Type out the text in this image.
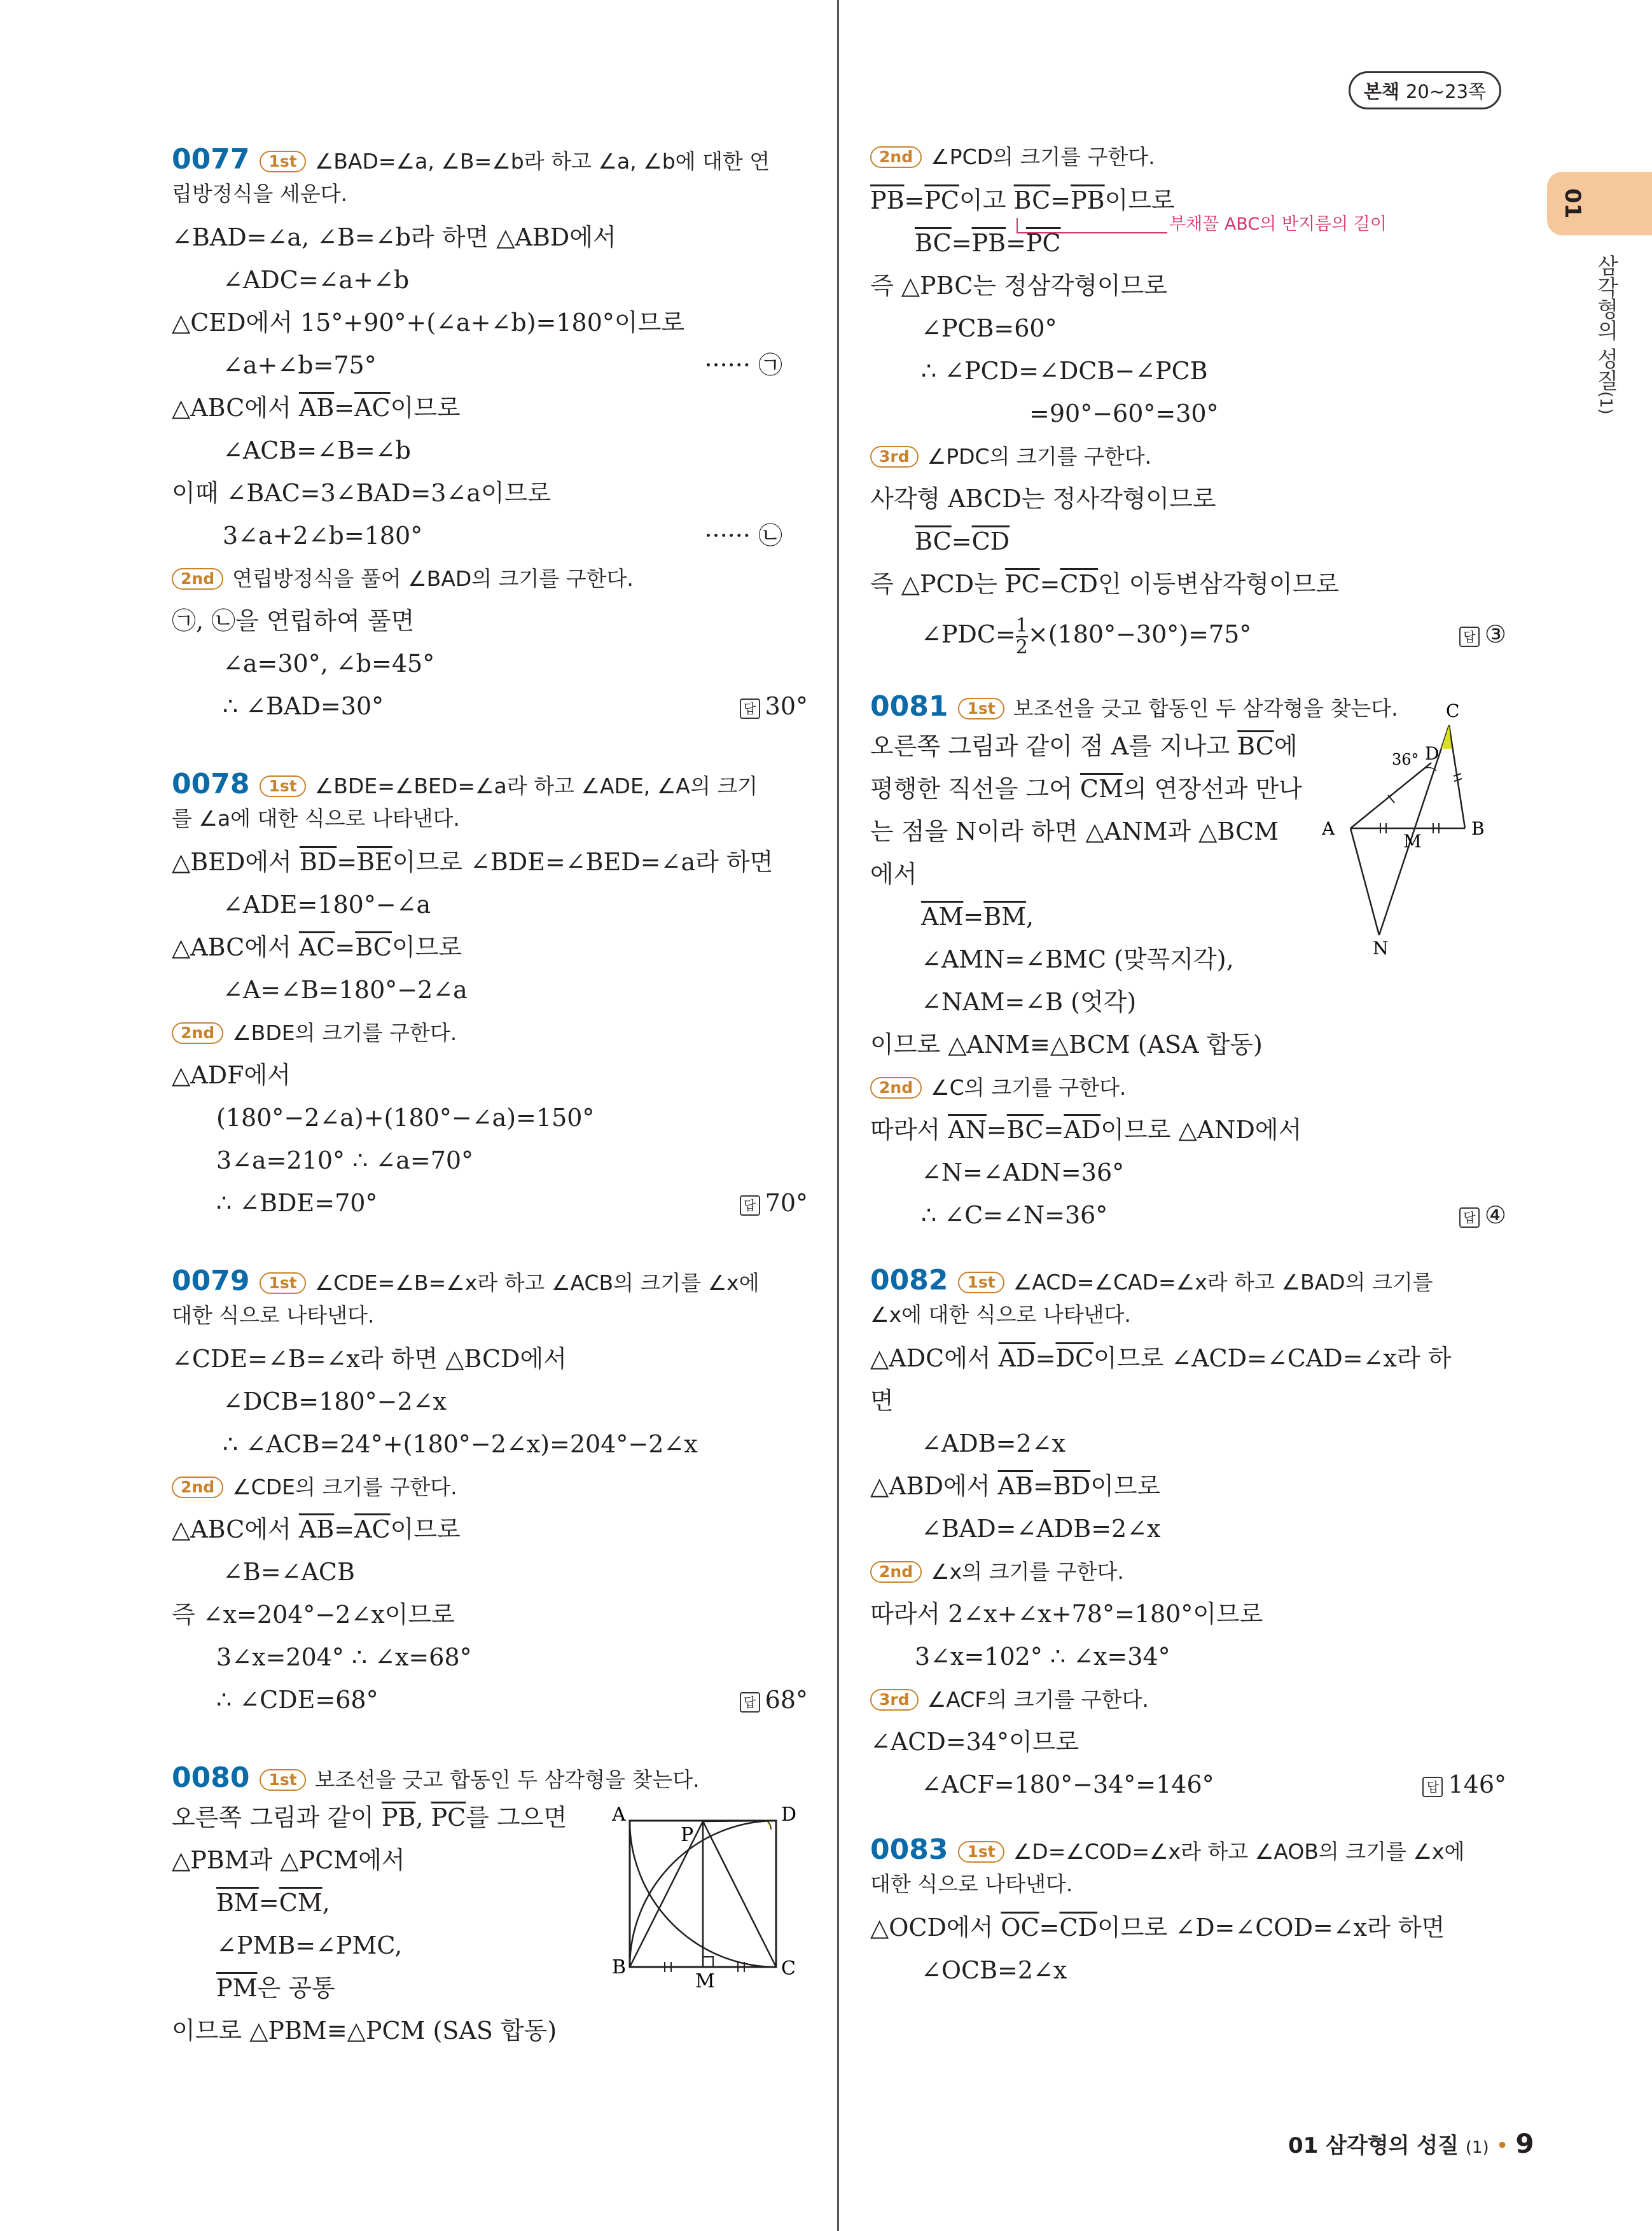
본책 20~23쪽
01
삼각형의 성질(1)
0077 1st ∠BAD=∠a, ∠B=∠b라 하고 ∠a, ∠b에 대한 연
립방정식을 세운다.
∠BAD=∠a, ∠B=∠b라 하면 △ABD에서
∠ADC=∠a+∠b
△CED에서 15°+90°+(∠a+∠b)=180°이므로
∠a+∠b=75°	······ ㉠
△ABC에서 $\overline{AB}=\overline{AC}$이므로
∠ACB=∠B=∠b
이때 ∠BAC=3∠BAD=3∠a이므로
3∠a+2∠b=180°	······ ㉡
2nd 연립방정식을 풀어 ∠BAD의 크기를 구한다.
㉠, ㉡을 연립하여 풀면
∠a=30°, ∠b=45°
∴ ∠BAD=30°	답 30°
0078 1st ∠BDE=∠BED=∠a라 하고 ∠ADE, ∠A의 크기
를 ∠a에 대한 식으로 나타낸다.
△BED에서 $\overline{BD}=\overline{BE}$이므로 ∠BDE=∠BED=∠a라 하면
∠ADE=180°−∠a
△ABC에서 $\overline{AC}=\overline{BC}$이므로
∠A=∠B=180°−2∠a
2nd ∠BDE의 크기를 구한다.
△ADF에서
(180°−2∠a)+(180°−∠a)=150°
3∠a=210° ∴ ∠a=70°
∴ ∠BDE=70°	답 70°
0079 1st ∠CDE=∠B=∠x라 하고 ∠ACB의 크기를 ∠x에
대한 식으로 나타낸다.
∠CDE=∠B=∠x라 하면 △BCD에서
∠DCB=180°−2∠x
∴ ∠ACB=24°+(180°−2∠x)=204°−2∠x
2nd ∠CDE의 크기를 구한다.
△ABC에서 $\overline{AB}=\overline{AC}$이므로
∠B=∠ACB
즉 ∠x=204°−2∠x이므로
3∠x=204° ∴ ∠x=68°
∴ ∠CDE=68°	답 68°
0080 1st 보조선을 긋고 합동인 두 삼각형을 찾는다.
오른쪽 그림과 같이 $\overline{PB}$, $\overline{PC}$를 그으면
△PBM과 △PCM에서
$\overline{BM}=\overline{CM}$,
∠PMB=∠PMC,
$\overline{PM}$은 공통
이므로 △PBM≡△PCM (SAS 합동)
A	D
B	C
P
M
2nd ∠PCD의 크기를 구한다.
$\overline{PB}=\overline{PC}$이고 $\overline{BC}=\overline{PB}$이므로
부채꼴 ABC의 반지름의 길이
$\overline{BC}=\overline{PB}=\overline{PC}$
즉 △PBC는 정삼각형이므로
∠PCB=60°
∴ ∠PCD=∠DCB−∠PCB
=90°−60°=30°
3rd ∠PDC의 크기를 구한다.
사각형 ABCD는 정사각형이므로
$\overline{BC}=\overline{CD}$
즉 △PCD는 $\overline{PC}=\overline{CD}$인 이등변삼각형이므로
∠PDC= $\frac{1}{2} \times(180^\circ-30^\circ)=75^\circ$	답 ③
0081 1st 보조선을 긋고 합동인 두 삼각형을 찾는다.
오른쪽 그림과 같이 점 A를 지나고 $\overline{BC}$에
평행한 직선을 그어 $\overline{CM}$의 연장선과 만나
는 점을 N이라 하면 △ANM과 △BCM
에서
$\overline{AM}=\overline{BM}$,
∠AMN=∠BMC (맞꼭지각),
∠NAM=∠B (엇각)
이므로 △ANM≡△BCM (ASA 합동)
2nd ∠C의 크기를 구한다.
따라서 $\overline{AN}=\overline{BC}=\overline{AD}$이므로 △AND에서
∠N=∠ADN=36°
∴ ∠C=∠N=36°	답 ④
C
D
A	B
M
N
36°
0082 1st ∠ACD=∠CAD=∠x라 하고 ∠BAD의 크기를
∠x에 대한 식으로 나타낸다.
△ADC에서 $\overline{AD}=\overline{DC}$이므로 ∠ACD=∠CAD=∠x라 하
면
∠ADB=2∠x
△ABD에서 $\overline{AB}=\overline{BD}$이므로
∠BAD=∠ADB=2∠x
2nd ∠x의 크기를 구한다.
따라서 2∠x+∠x+78°=180°이므로
3∠x=102° ∴ ∠x=34°
3rd ∠ACF의 크기를 구한다.
∠ACD=34°이므로
∠ACF=180°−34°=146°	답 146°
0083 1st ∠D=∠COD=∠x라 하고 ∠AOB의 크기를 ∠x에
대한 식으로 나타낸다.
△OCD에서 $\overline{OC}=\overline{CD}$이므로 ∠D=∠COD=∠x라 하면
∠OCB=2∠x
01 삼각형의 성질 (1) • 9
